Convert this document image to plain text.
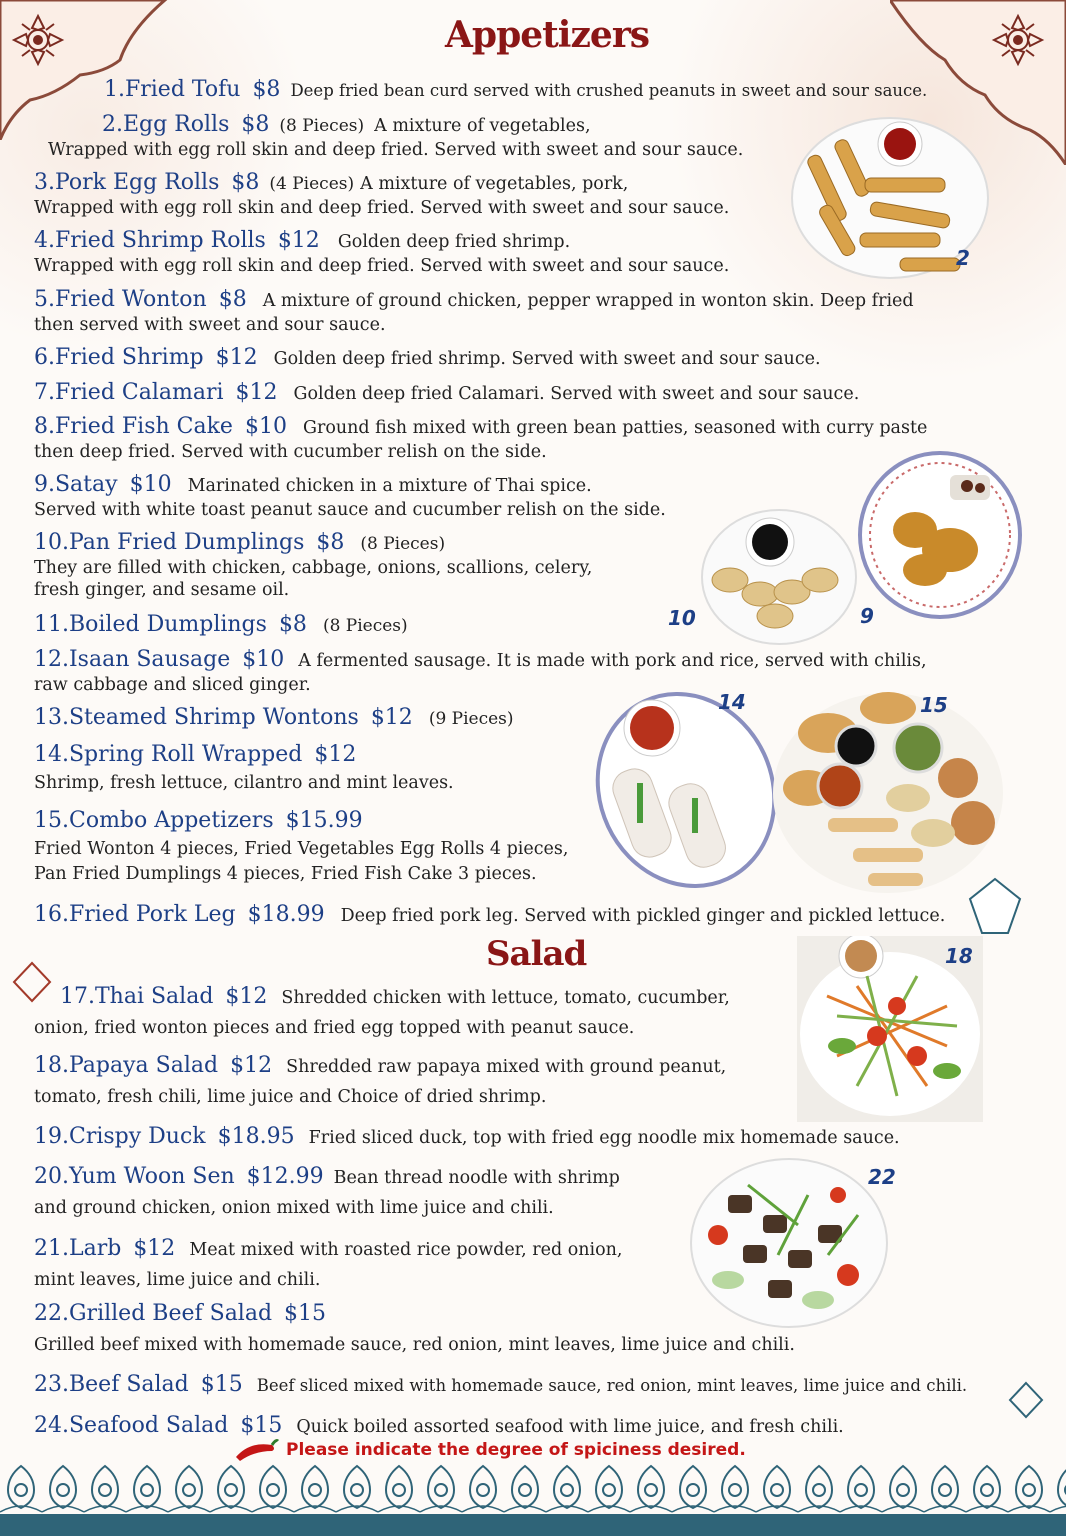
Appetizers
Salad
1.Fried Tofu $8 Deep fried bean curd served with crushed peanuts in sweet and sour sauce.
2.Egg Rolls $8 (8 Pieces) A mixture of vegetables,
Wrapped with egg roll skin and deep fried. Served with sweet and sour sauce.
3.Pork Egg Rolls $8 (4 Pieces) A mixture of vegetables, pork,
Wrapped with egg roll skin and deep fried. Served with sweet and sour sauce.
4.Fried Shrimp Rolls $12 Golden deep fried shrimp.
Wrapped with egg roll skin and deep fried. Served with sweet and sour sauce.
5.Fried Wonton $8 A mixture of ground chicken, pepper wrapped in wonton skin. Deep fried
then served with sweet and sour sauce.
6.Fried Shrimp $12 Golden deep fried shrimp. Served with sweet and sour sauce.
7.Fried Calamari $12 Golden deep fried Calamari. Served with sweet and sour sauce.
8.Fried Fish Cake $10 Ground fish mixed with green bean patties, seasoned with curry paste
then deep fried. Served with cucumber relish on the side.
9.Satay $10 Marinated chicken in a mixture of Thai spice.
Served with white toast peanut sauce and cucumber relish on the side.
10.Pan Fried Dumplings $8 (8 Pieces)
They are filled with chicken, cabbage, onions, scallions, celery,
fresh ginger, and sesame oil.
11.Boiled Dumplings $8 (8 Pieces)
12.Isaan Sausage $10 A fermented sausage. It is made with pork and rice, served with chilis,
raw cabbage and sliced ginger.
13.Steamed Shrimp Wontons $12 (9 Pieces)
14.Spring Roll Wrapped $12
Shrimp, fresh lettuce, cilantro and mint leaves.
15.Combo Appetizers $15.99
Fried Wonton 4 pieces, Fried Vegetables Egg Rolls 4 pieces,
Pan Fried Dumplings 4 pieces, Fried Fish Cake 3 pieces.
16.Fried Pork Leg $18.99 Deep fried pork leg. Served with pickled ginger and pickled lettuce.
17.Thai Salad $12 Shredded chicken with lettuce, tomato, cucumber,
onion, fried wonton pieces and fried egg topped with peanut sauce.
18.Papaya Salad $12 Shredded raw papaya mixed with ground peanut,
tomato, fresh chili, lime juice and Choice of dried shrimp.
19.Crispy Duck $18.95 Fried sliced duck, top with fried egg noodle mix homemade sauce.
20.Yum Woon Sen $12.99 Bean thread noodle with shrimp
and ground chicken, onion mixed with lime juice and chili.
21.Larb $12 Meat mixed with roasted rice powder, red onion,
mint leaves, lime juice and chili.
22.Grilled Beef Salad $15
Grilled beef mixed with homemade sauce, red onion, mint leaves, lime juice and chili.
23.Beef Salad $15 Beef sliced mixed with homemade sauce, red onion, mint leaves, lime juice and chili.
24.Seafood Salad $15 Quick boiled assorted seafood with lime juice, and fresh chili.
2
9
10
14	15
18
22
Please indicate the degree of spiciness desired.
